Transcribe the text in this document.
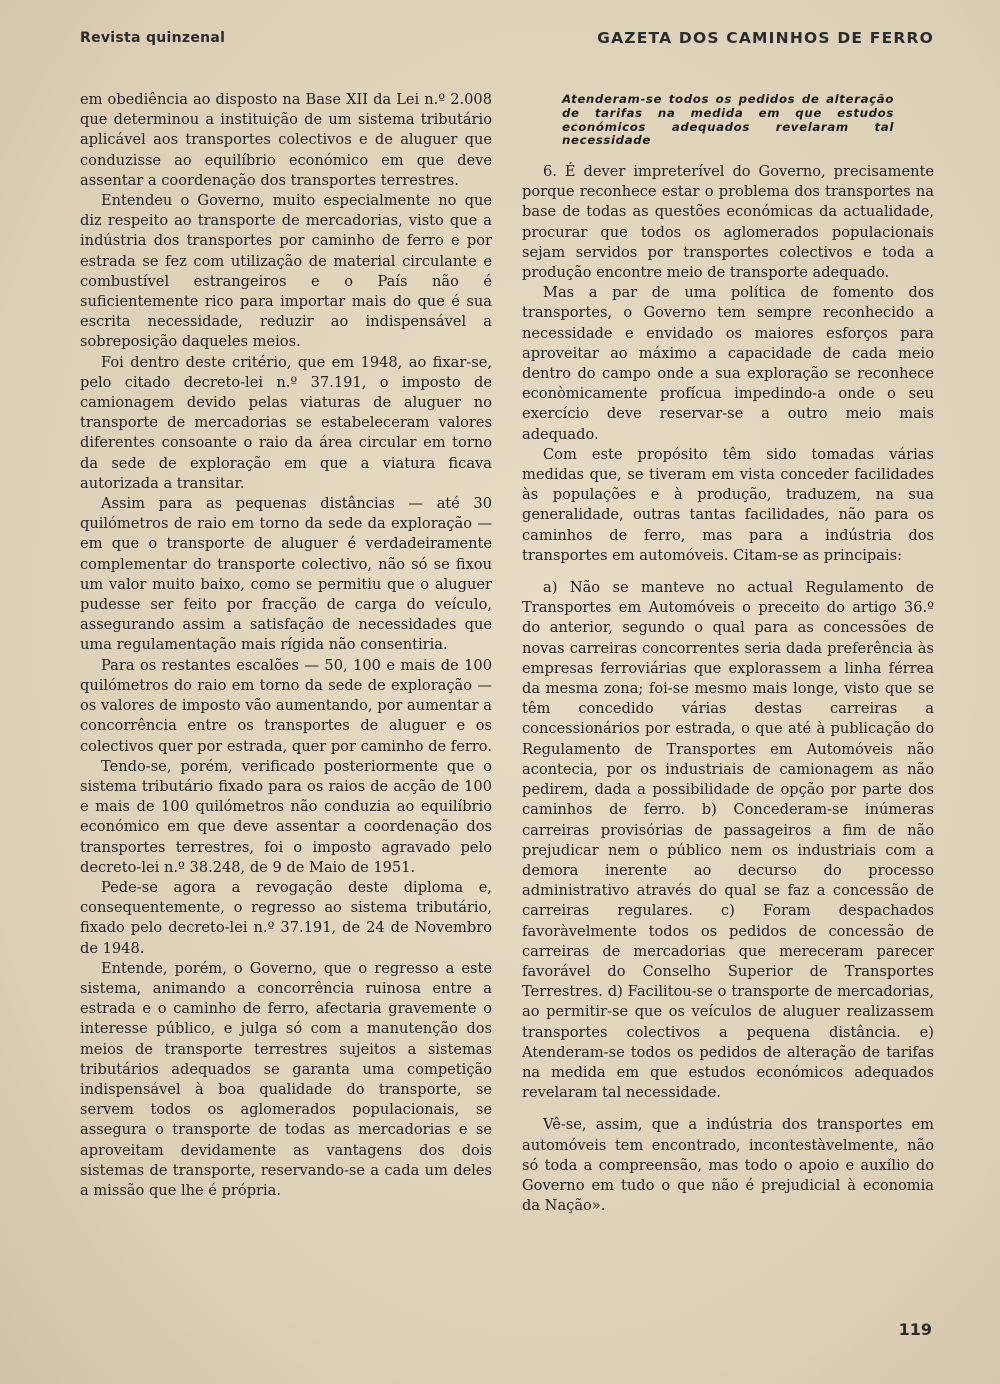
Revista quinzenal	GAZETA DOS CAMINHOS DE FERRO
Atenderam-se todos os pedidos de alteração de tarifas na medida em que estudos económicos adequados revelaram tal necessidade

em obediência ao disposto na Base XII da Lei n.º 2.008 que determinou a instituição de um sistema tributário aplicável aos transportes colectivos e de aluguer que conduzisse ao equilíbrio económico em que deve assentar a coordenação dos transportes terrestres.

Entendeu o Governo, muito especialmente no que diz respeito ao transporte de mercadorias, visto que a indústria dos transportes por caminho de ferro e por estrada se fez com utilização de material circulante e combustível estrangeiros e o País não é suficientemente rico para importar mais do que é sua escrita necessidade, reduzir ao indispensável a sobreposição daqueles meios.

Foi dentro deste critério, que em 1948, ao fixar-se, pelo citado decreto-lei n.º 37.191, o imposto de camionagem devido pelas viaturas de aluguer no transporte de mercadorias se estabeleceram valores diferentes consoante o raio da área circular em torno da sede de exploração em que a viatura ficava autorizada a transitar.

Assim para as pequenas distâncias — até 30 quilómetros de raio em torno da sede da exploração — em que o transporte de aluguer é verdadeiramente complementar do transporte colectivo, não só se fixou um valor muito baixo, como se permitiu que o aluguer pudesse ser feito por fracção de carga do veículo, assegurando assim a satisfação de necessidades que uma regulamentação mais rígida não consentiria.

Para os restantes escalões — 50, 100 e mais de 100 quilómetros do raio em torno da sede de exploração — os valores de imposto vão aumentando, por aumentar a concorrência entre os transportes de aluguer e os colectivos quer por estrada, quer por caminho de ferro.

Tendo-se, porém, verificado posteriormente que o sistema tributário fixado para os raios de acção de 100 e mais de 100 quilómetros não conduzia ao equilíbrio económico em que deve assentar a coordenação dos transportes terrestres, foi o imposto agravado pelo decreto-lei n.º 38.248, de 9 de Maio de 1951.

Pede-se agora a revogação deste diploma e, consequentemente, o regresso ao sistema tributário, fixado pelo decreto-lei n.º 37.191, de 24 de Novembro de 1948.

Entende, porém, o Governo, que o regresso a este sistema, animando a concorrência ruinosa entre a estrada e o caminho de ferro, afectaria gravemente o interesse público, e julga só com a manutenção dos meios de transporte terrestres sujeitos a sistemas tributários adequados se garanta uma competição indispensável à boa qualidade do transporte, se servem todos os aglomerados populacionais, se assegura o transporte de todas as mercadorias e se aproveitam devidamente as vantagens dos dois sistemas de transporte, reservando-se a cada um deles a missão que lhe é própria.

6. É dever impreterível do Governo, precisamente porque reconhece estar o problema dos transportes na base de todas as questões económicas da actualidade, procurar que todos os aglomerados populacionais sejam servidos por transportes colectivos e toda a produção encontre meio de transporte adequado.

Mas a par de uma política de fomento dos transportes, o Governo tem sempre reconhecido a necessidade e envidado os maiores esforços para aproveitar ao máximo a capacidade de cada meio dentro do campo onde a sua exploração se reconhece econòmicamente profícua impedindo-a onde o seu exercício deve reservar-se a outro meio mais adequado.

Com este propósito têm sido tomadas várias medidas que, se tiveram em vista conceder facilidades às populações e à produção, traduzem, na sua generalidade, outras tantas facilidades, não para os caminhos de ferro, mas para a indústria dos transportes em automóveis. Citam-se as principais:

a) Não se manteve no actual Regulamento de Transportes em Automóveis o preceito do artigo 36.º do anterior, segundo o qual para as concessões de novas carreiras concorrentes seria dada preferência às empresas ferroviárias que explorassem a linha férrea da mesma zona; foi-se mesmo mais longe, visto que se têm concedido várias destas carreiras a concessionários por estrada, o que até à publicação do Regulamento de Transportes em Automóveis não acontecia, por os industriais de camionagem as não pedirem, dada a possibilidade de opção por parte dos caminhos de ferro. b) Concederam-se inúmeras carreiras provisórias de passageiros a fim de não prejudicar nem o público nem os industriais com a demora inerente ao decurso do processo administrativo através do qual se faz a concessão de carreiras regulares. c) Foram despachados favoràvelmente todos os pedidos de concessão de carreiras de mercadorias que mereceram parecer favorável do Conselho Superior de Transportes Terrestres. d) Facilitou-se o transporte de mercadorias, ao permitir-se que os veículos de aluguer realizassem transportes colectivos a pequena distância. e) Atenderam-se todos os pedidos de alteração de tarifas na medida em que estudos económicos adequados revelaram tal necessidade.

Vê-se, assim, que a indústria dos transportes em automóveis tem encontrado, incontestàvelmente, não só toda a compreensão, mas todo o apoio e auxílio do Governo em tudo o que não é prejudicial à economia da Nação».

119
